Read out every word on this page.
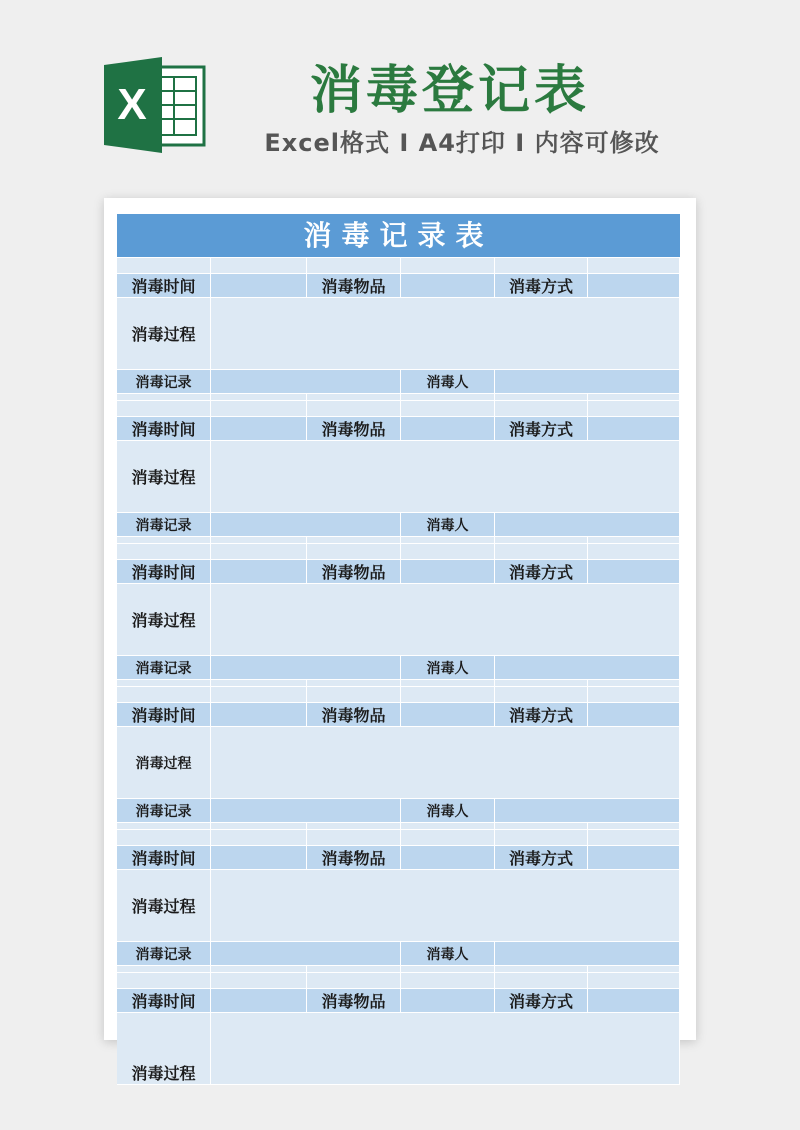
X	消毒登记表
Excel格式 I A4打印 I 内容可修改
消毒记录表
消毒时间	消毒物品	消毒方式
消毒过程
消毒记录	消毒人
消毒时间	消毒物品	消毒方式
消毒过程
消毒记录	消毒人
消毒时间	消毒物品	消毒方式
消毒过程
消毒记录	消毒人
消毒时间	消毒物品	消毒方式
消毒过程
消毒记录	消毒人
消毒时间	消毒物品	消毒方式
消毒过程
消毒记录	消毒人
消毒时间	消毒物品	消毒方式
消毒过程
